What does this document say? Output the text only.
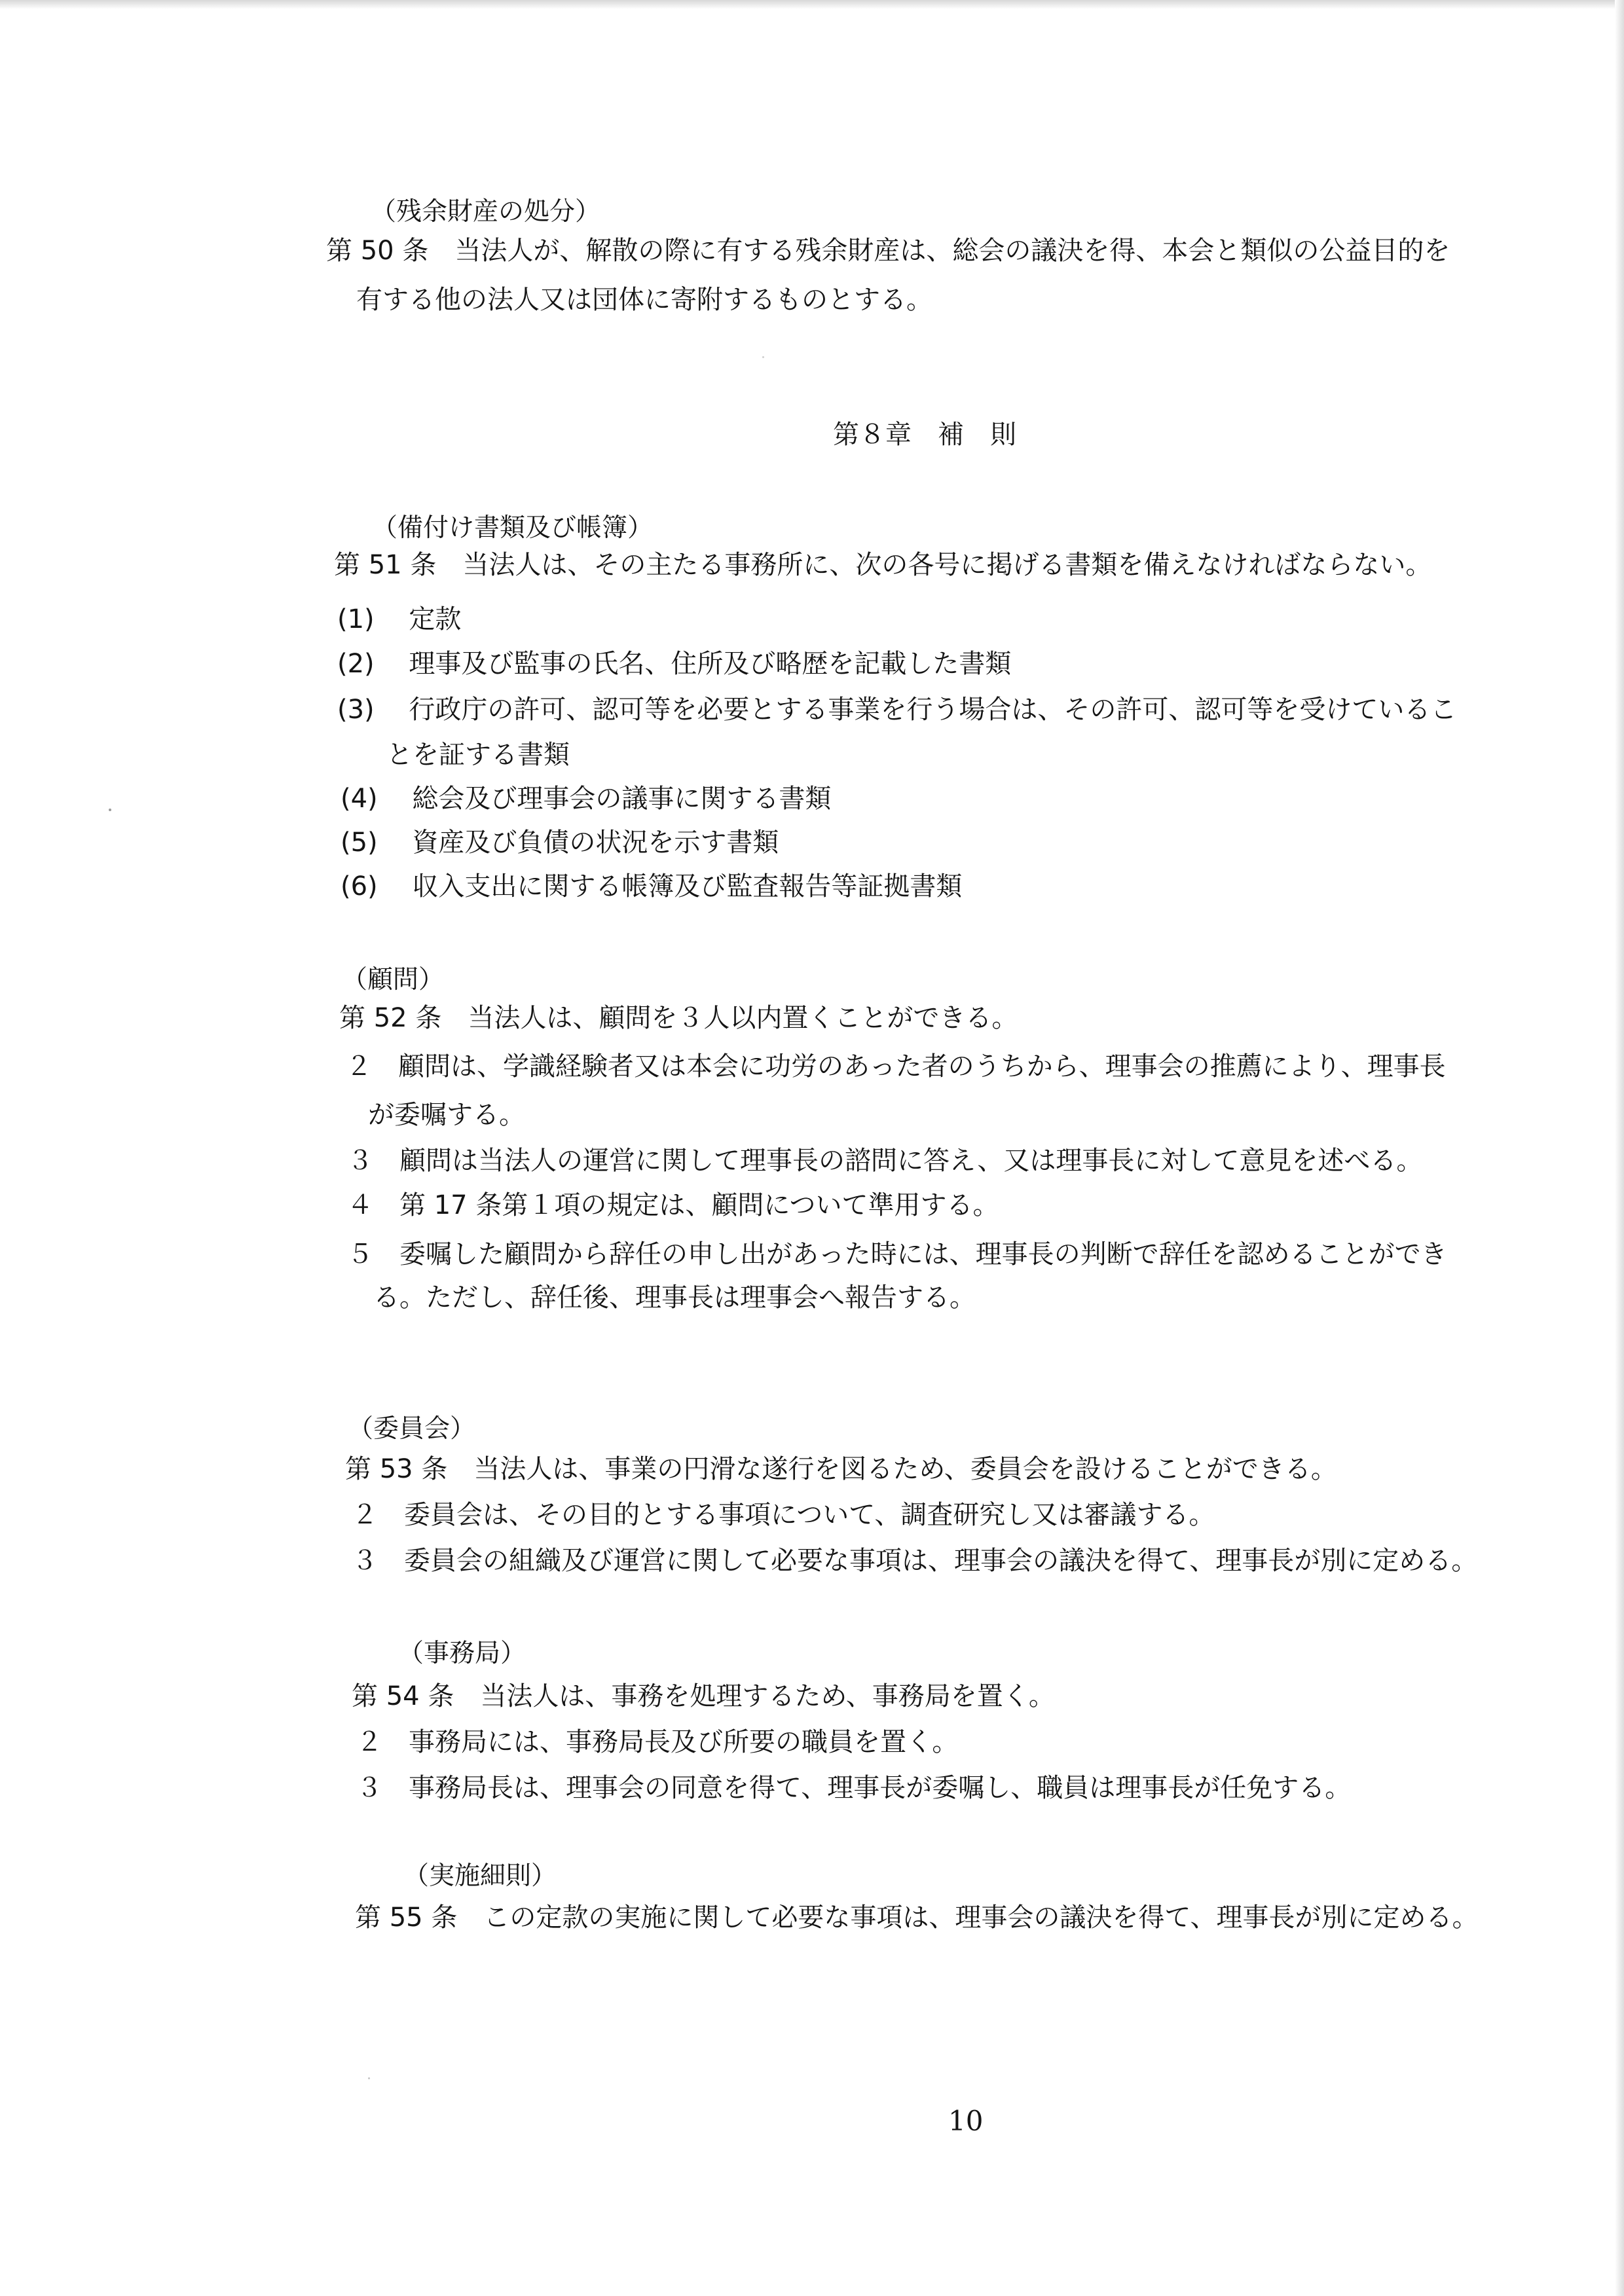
（残余財産の処分）
第 50 条　当法人が、解散の際に有する残余財産は、総会の議決を得、本会と類似の公益目的を
有する他の法人又は団体に寄附するものとする。
第８章　補　則
（備付け書類及び帳簿）
第 51 条　当法人は、その主たる事務所に、次の各号に掲げる書類を備えなければならない。
(1)　 定款
(2)　 理事及び監事の氏名、住所及び略歴を記載した書類
(3)　 行政庁の許可、認可等を必要とする事業を行う場合は、その許可、認可等を受けているこ
とを証する書類
(4)　 総会及び理事会の議事に関する書類
(5)　 資産及び負債の状況を示す書類
(6)　 収入支出に関する帳簿及び監査報告等証拠書類
（顧問）
第 52 条　当法人は、顧問を３人以内置くことができる。
２　顧問は、学識経験者又は本会に功労のあった者のうちから、理事会の推薦により、理事長
が委嘱する。
３　顧問は当法人の運営に関して理事長の諮問に答え、又は理事長に対して意見を述べる。
４　第 17 条第１項の規定は、顧問について準用する。
５　委嘱した顧問から辞任の申し出があった時には、理事長の判断で辞任を認めることができ
る。ただし、辞任後、理事長は理事会へ報告する。
（委員会）
第 53 条　当法人は、事業の円滑な遂行を図るため、委員会を設けることができる。
２　委員会は、その目的とする事項について、調査研究し又は審議する。
３　委員会の組織及び運営に関して必要な事項は、理事会の議決を得て、理事長が別に定める。
（事務局）
第 54 条　当法人は、事務を処理するため、事務局を置く。
２　事務局には、事務局長及び所要の職員を置く。
３　事務局長は、理事会の同意を得て、理事長が委嘱し、職員は理事長が任免する。
（実施細則）
第 55 条　この定款の実施に関して必要な事項は、理事会の議決を得て、理事長が別に定める。
10
